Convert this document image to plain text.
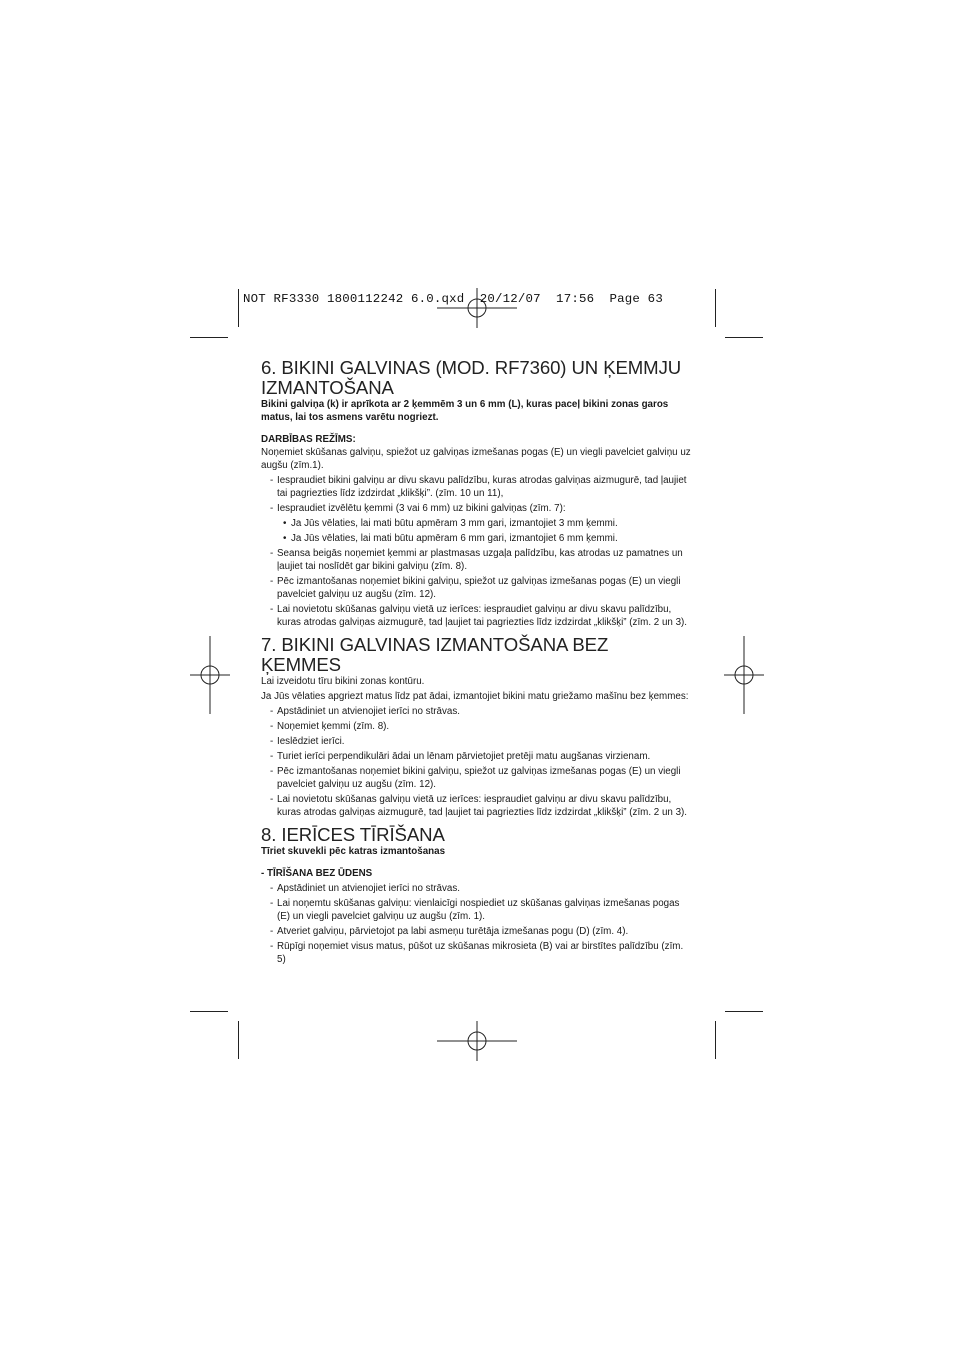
NOT RF3330 1800112242 6.0.qxd  20/12/07  17:56  Page 63
6. BIKINI GALVINAS (MOD. RF7360) UN ĶEMMJU IZMANTOŠANA

Bikini galviņa (k) ir aprīkota ar 2 ķemmēm 3 un 6 mm (L), kuras paceļ bikini zonas garos matus, lai tos asmens varētu nogriezt.

DARBĪBAS REŽĪMS:

Noņemiet skūšanas galviņu, spiežot uz galviņas izmešanas pogas (E) un viegli pavelciet galviņu uz augšu (zīm.1).

- Iespraudiet bikini galviņu ar divu skavu palīdzību, kuras atrodas galviņas aizmugurē, tad ļaujiet tai pagriezties līdz izdzirdat „klikšķi”. (zīm. 10 un 11),
- Iespraudiet izvēlētu ķemmi (3 vai 6 mm) uz bikini galviņas (zīm. 7):
• Ja Jūs vēlaties, lai mati būtu apmēram 3 mm gari, izmantojiet 3 mm ķemmi.
• Ja Jūs vēlaties, lai mati būtu apmēram 6 mm gari, izmantojiet 6 mm ķemmi.
- Seansa beigās noņemiet ķemmi ar plastmasas uzgaļa palīdzību, kas atrodas uz pamatnes un ļaujiet tai noslīdēt gar bikini galviņu (zīm. 8).
- Pēc izmantošanas noņemiet bikini galviņu, spiežot uz galviņas izmešanas pogas (E) un viegli pavelciet galviņu uz augšu (zīm. 12).
- Lai novietotu skūšanas galviņu vietā uz ierīces: iespraudiet galviņu ar divu skavu palīdzību, kuras atrodas galviņas aizmugurē, tad ļaujiet tai pagriezties līdz izdzirdat „klikšķi” (zīm. 2 un 3).
7. BIKINI GALVINAS IZMANTOŠANA BEZ ĶEMMES

Lai izveidotu tīru bikini zonas kontūru.

Ja Jūs vēlaties apgriezt matus līdz pat ādai, izmantojiet bikini matu griežamo mašīnu bez ķemmes:

- Apstādiniet un atvienojiet ierīci no strāvas.
- Noņemiet ķemmi (zīm. 8).
- Ieslēdziet ierīci.
- Turiet ierīci perpendikulāri ādai un lēnam pārvietojiet pretēji matu augšanas virzienam.
- Pēc izmantošanas noņemiet bikini galviņu, spiežot uz galviņas izmešanas pogas (E) un viegli pavelciet galviņu uz augšu (zīm. 12).
- Lai novietotu skūšanas galviņu vietā uz ierīces: iespraudiet galviņu ar divu skavu palīdzību, kuras atrodas galviņas aizmugurē, tad ļaujiet tai pagriezties līdz izdzirdat „klikšķi” (zīm. 2 un 3).
8. IERĪCES TĪRĪŠANA

Tīriet skuvekli pēc katras izmantošanas

- TĪRĪŠANA BEZ ŪDENS

- Apstādiniet un atvienojiet ierīci no strāvas.
- Lai noņemtu skūšanas galviņu: vienlaicīgi nospiediet uz skūšanas galviņas izmešanas pogas (E) un viegli pavelciet galviņu uz augšu (zīm. 1).
- Atveriet galviņu, pārvietojot pa labi asmeņu turētāja izmešanas pogu (D) (zīm. 4).
- Rūpīgi noņemiet visus matus, pūšot uz skūšanas mikrosieta (B) vai ar birstītes palīdzību (zīm. 5)
